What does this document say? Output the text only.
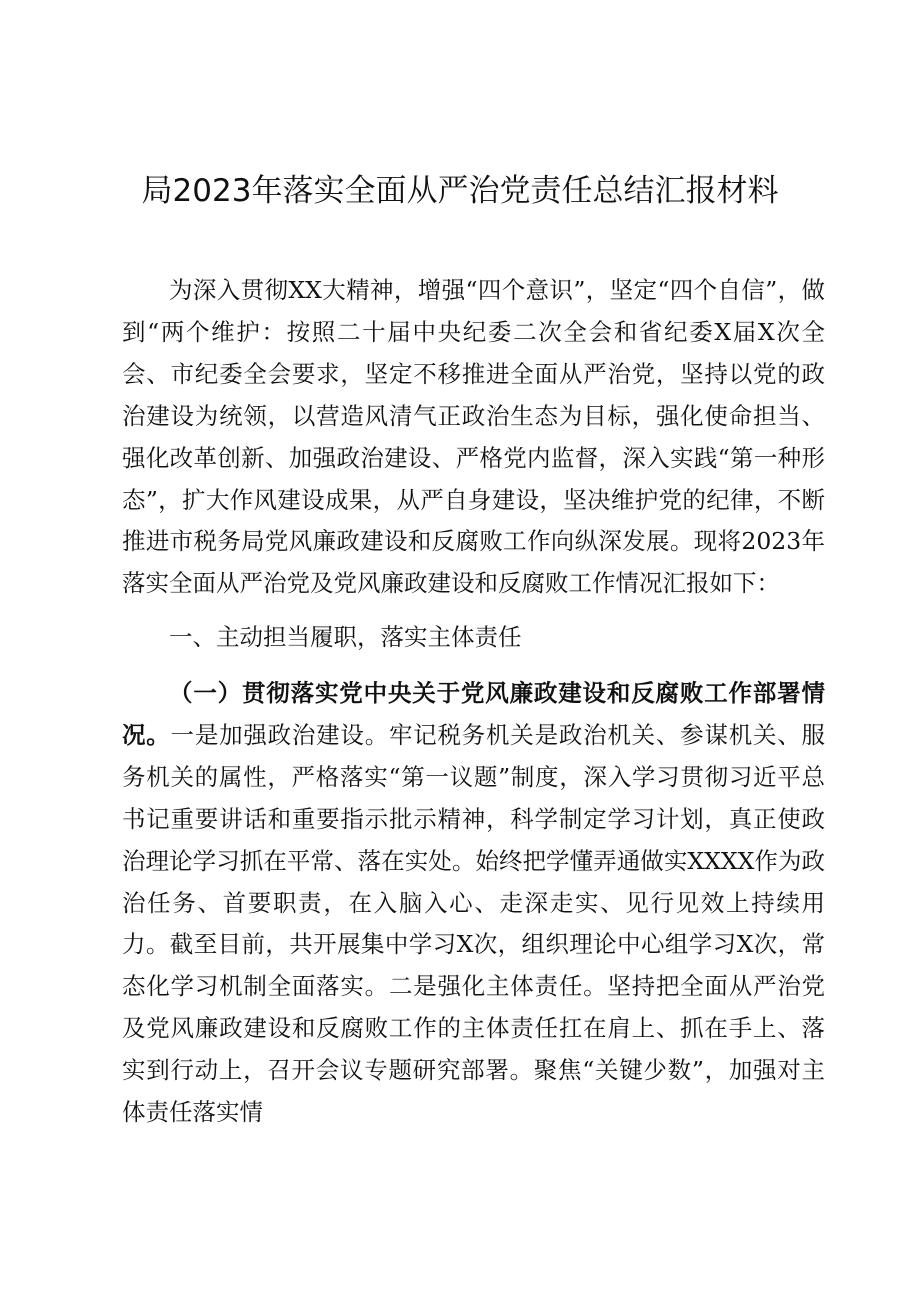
局2023年落实全面从严治党责任总结汇报材料

为深入贯彻XX大精神，增强“四个意识”，坚定“四个自信”，做到“两个维护：按照二十届中央纪委二次全会和省纪委X届X次全会、市纪委全会要求，坚定不移推进全面从严治党，坚持以党的政治建设为统领，以营造风清气正政治生态为目标，强化使命担当、强化改革创新、加强政治建设、严格党内监督，深入实践“第一种形态”，扩大作风建设成果，从严自身建设，坚决维护党的纪律，不断推进市税务局党风廉政建设和反腐败工作向纵深发展。现将2023年落实全面从严治党及党风廉政建设和反腐败工作情况汇报如下：

一、主动担当履职，落实主体责任

（一）贯彻落实党中央关于党风廉政建设和反腐败工作部署情况。一是加强政治建设。牢记税务机关是政治机关、参谋机关、服务机关的属性，严格落实“第一议题”制度，深入学习贯彻习近平总书记重要讲话和重要指示批示精神，科学制定学习计划，真正使政治理论学习抓在平常、落在实处。始终把学懂弄通做实XXXX作为政治任务、首要职责，在入脑入心、走深走实、见行见效上持续用力。截至目前，共开展集中学习X次，组织理论中心组学习X次，常态化学习机制全面落实。二是强化主体责任。坚持把全面从严治党及党风廉政建设和反腐败工作的主体责任扛在肩上、抓在手上、落实到行动上，召开会议专题研究部署。聚焦“关键少数”，加强对主体责任落实情
